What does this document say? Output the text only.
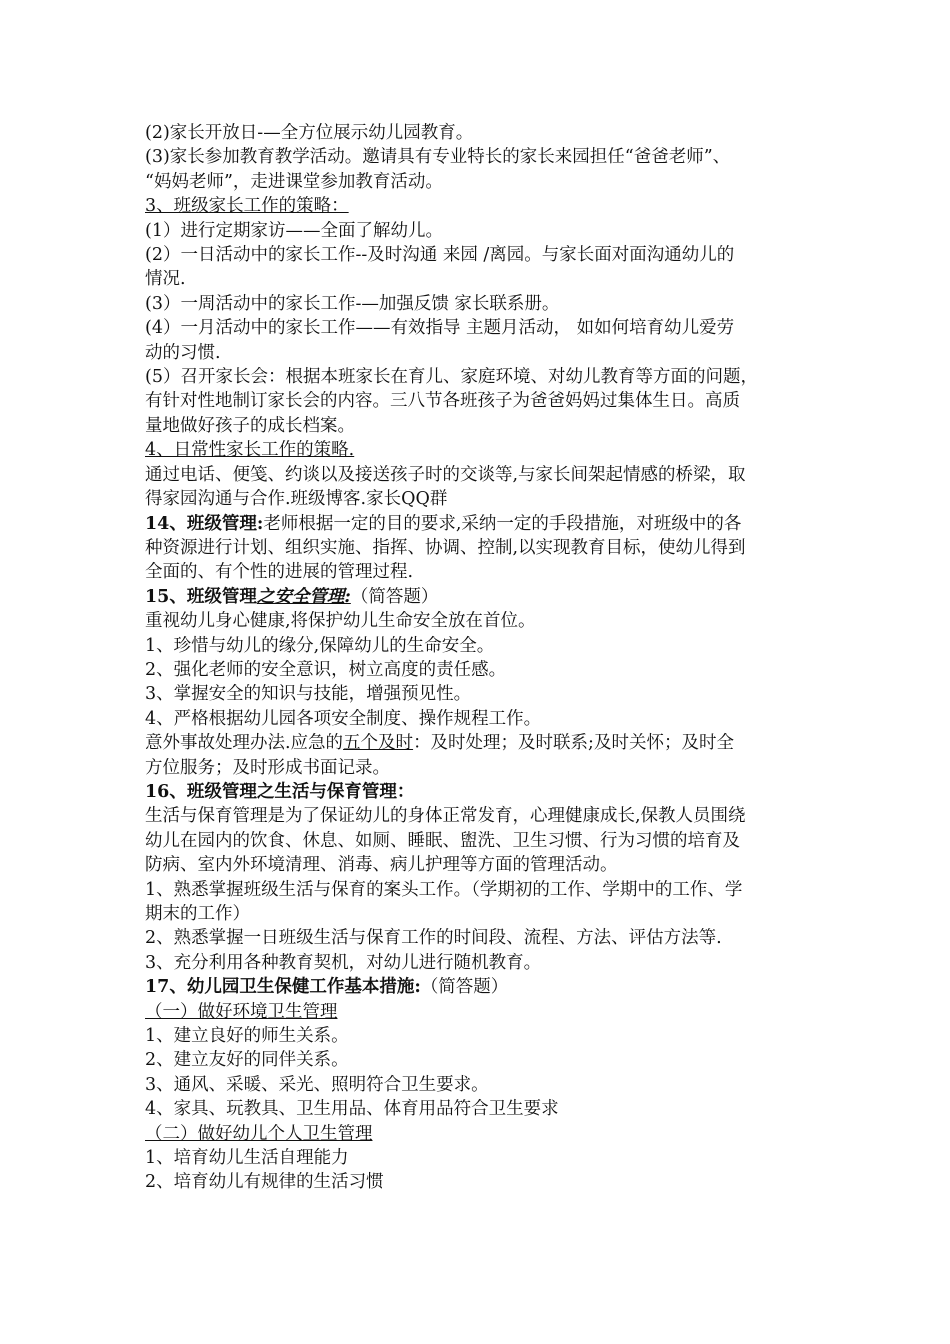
(2)家长开放日-—全方位展示幼儿园教育。
(3)家长参加教育教学活动。邀请具有专业特长的家长来园担任“爸爸老师”、
“妈妈老师”，走进课堂参加教育活动。
3、班级家长工作的策略：
(1）进行定期家访——全面了解幼儿。
(2）一日活动中的家长工作--及时沟通 来园 /离园。与家长面对面沟通幼儿的
情况.
(3）一周活动中的家长工作-—加强反馈 家长联系册。
(4）一月活动中的家长工作——有效指导 主题月活动， 如如何培育幼儿爱劳
动的习惯.
(5）召开家长会：根据本班家长在育儿、家庭环境、对幼儿教育等方面的问题，
有针对性地制订家长会的内容。三八节各班孩子为爸爸妈妈过集体生日。高质
量地做好孩子的成长档案。
4、日常性家长工作的策略.
通过电话、便笺、约谈以及接送孩子时的交谈等,与家长间架起情感的桥梁，取
得家园沟通与合作.班级博客.家长QQ群
14、班级管理:老师根据一定的目的要求,采纳一定的手段措施，对班级中的各
种资源进行计划、组织实施、指挥、协调、控制,以实现教育目标，使幼儿得到
全面的、有个性的进展的管理过程.
15、班级管理之安全管理:（简答题）
重视幼儿身心健康,将保护幼儿生命安全放在首位。
1、珍惜与幼儿的缘分,保障幼儿的生命安全。
2、强化老师的安全意识，树立高度的责任感。
3、掌握安全的知识与技能，增强预见性。
4、严格根据幼儿园各项安全制度、操作规程工作。
意外事故处理办法.应急的五个及时：及时处理；及时联系;及时关怀；及时全
方位服务；及时形成书面记录。
16、班级管理之生活与保育管理：
生活与保育管理是为了保证幼儿的身体正常发育，心理健康成长,保教人员围绕
幼儿在园内的饮食、休息、如厕、睡眠、盥洗、卫生习惯、行为习惯的培育及
防病、室内外环境清理、消毒、病儿护理等方面的管理活动。
1、熟悉掌握班级生活与保育的案头工作。（学期初的工作、学期中的工作、学
期末的工作）
2、熟悉掌握一日班级生活与保育工作的时间段、流程、方法、评估方法等.
3、充分利用各种教育契机，对幼儿进行随机教育。
17、幼儿园卫生保健工作基本措施:（简答题）
（一）做好环境卫生管理
1、建立良好的师生关系。
2、建立友好的同伴关系。
3、通风、采暖、采光、照明符合卫生要求。
4、家具、玩教具、卫生用品、体育用品符合卫生要求
（二）做好幼儿个人卫生管理
1、培育幼儿生活自理能力
2、培育幼儿有规律的生活习惯
